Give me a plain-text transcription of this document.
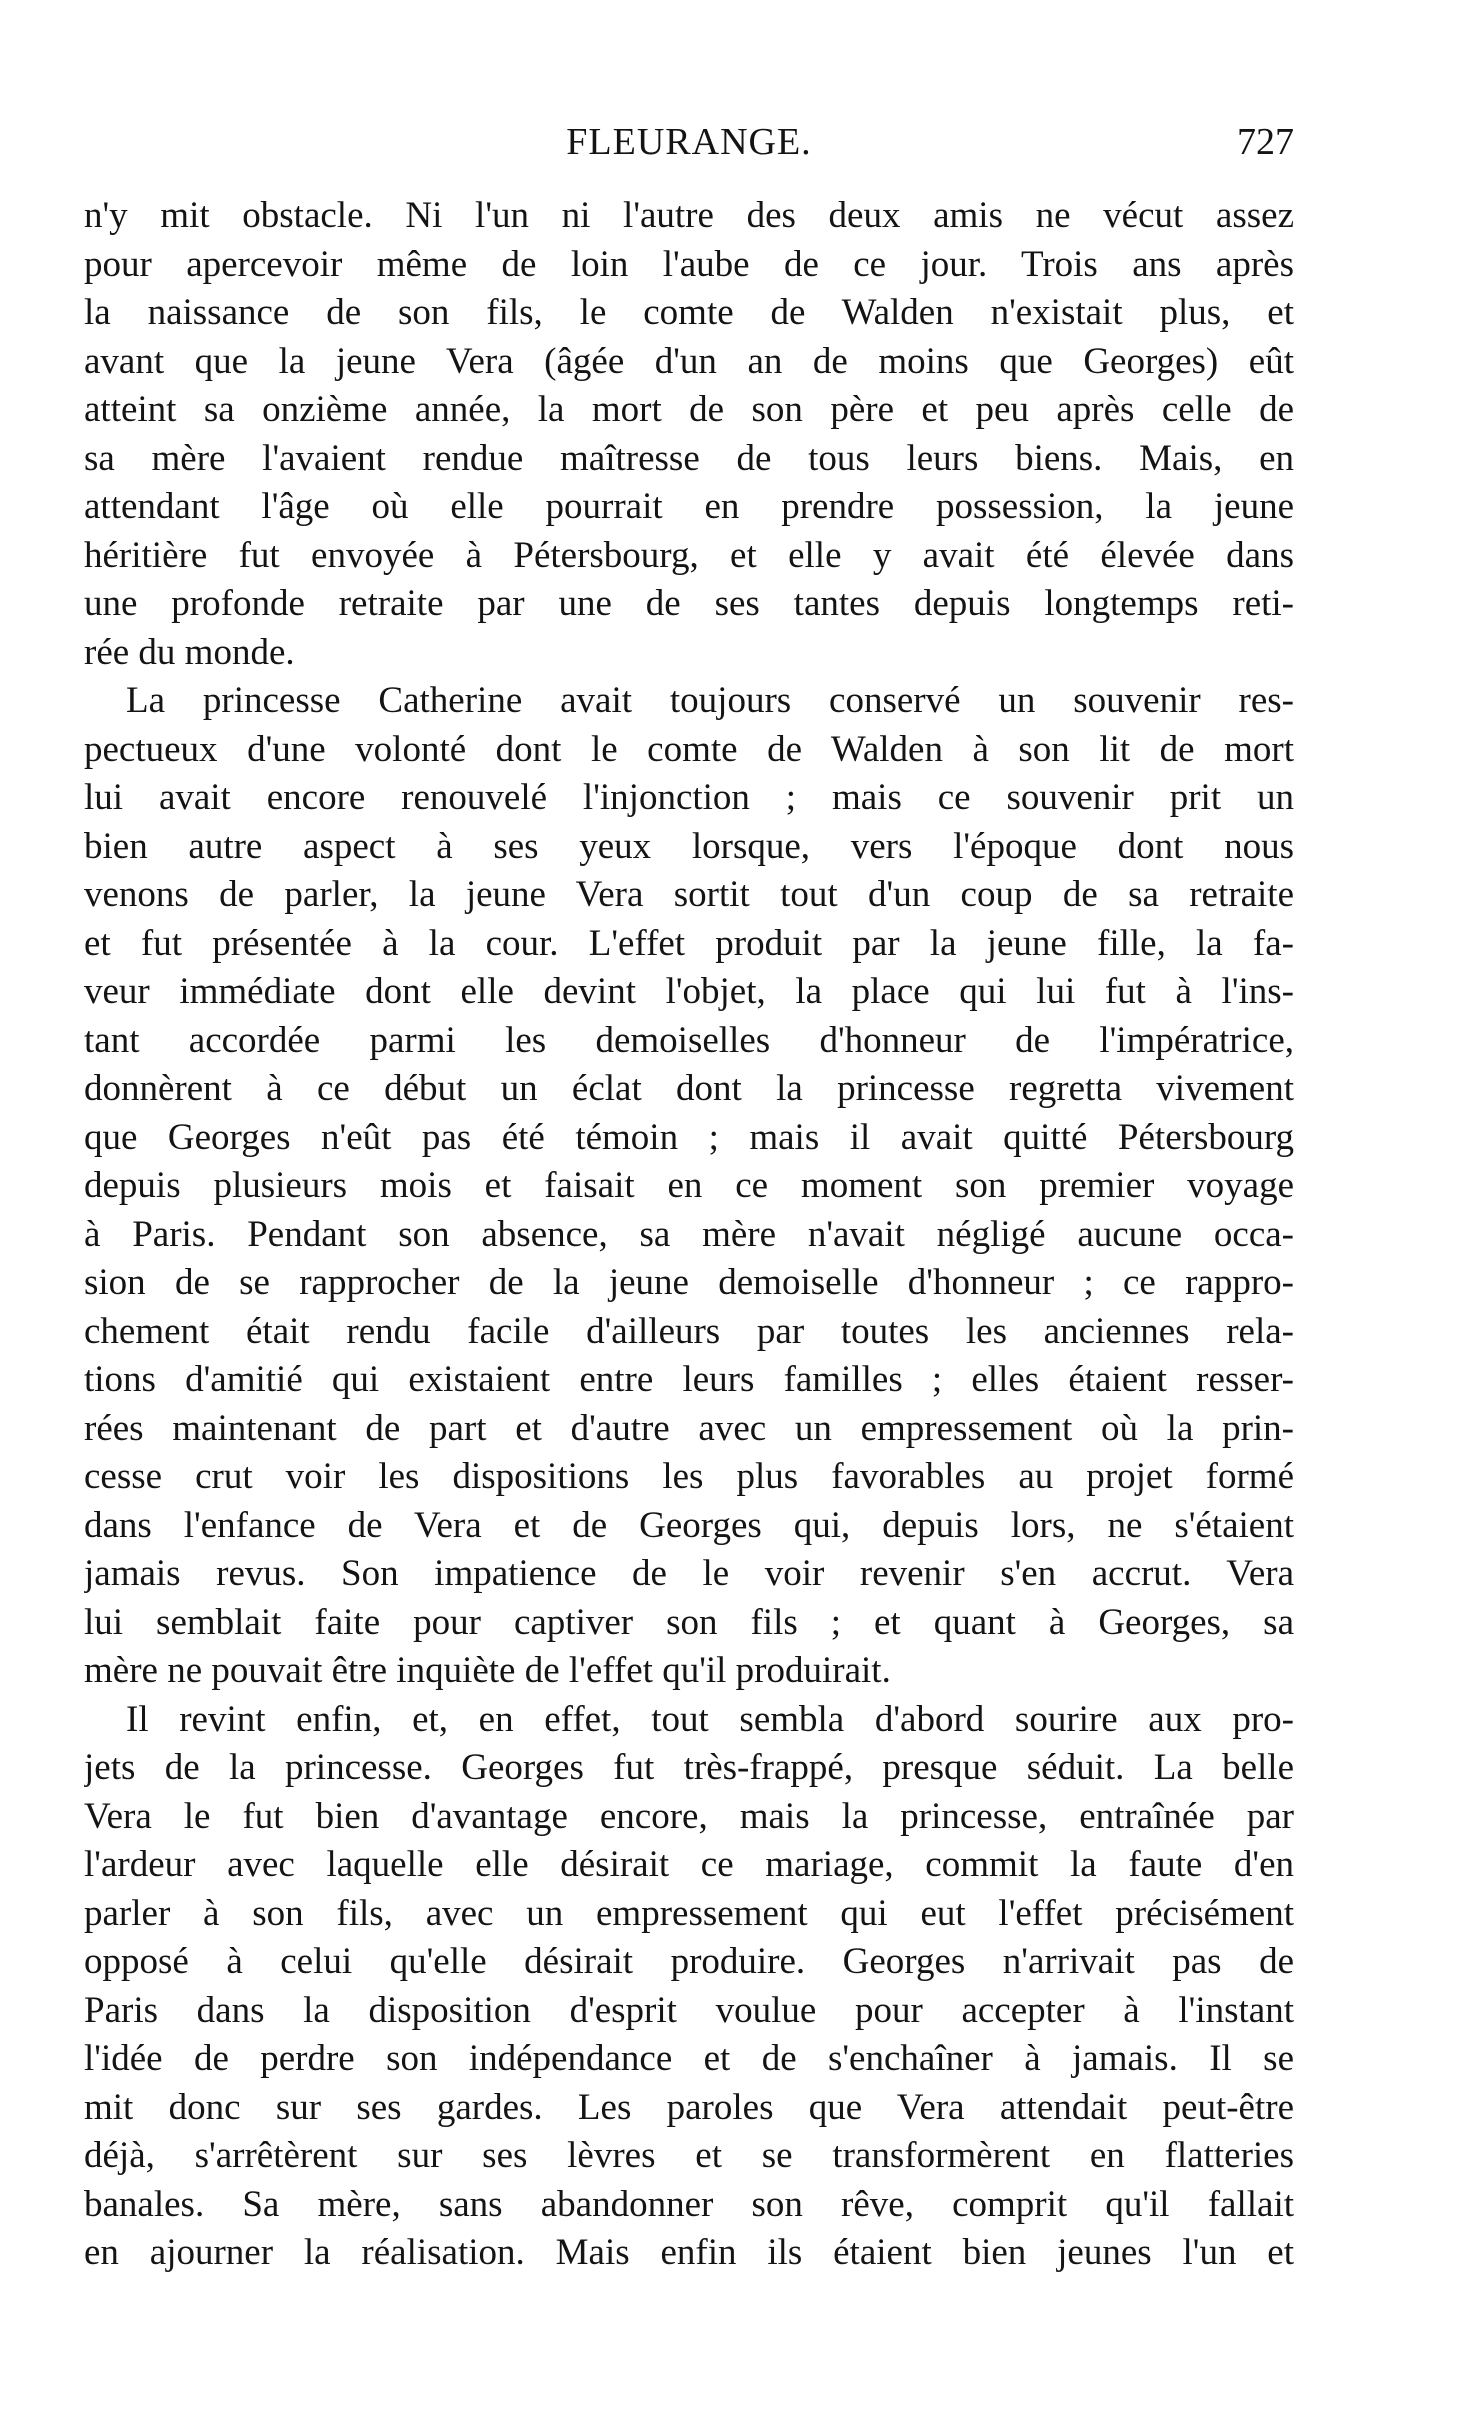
FLEURANGE.	727
n'y mit obstacle. Ni l'un ni l'autre des deux amis ne vécut assez
pour apercevoir même de loin l'aube de ce jour. Trois ans après
la naissance de son fils, le comte de Walden n'existait plus, et
avant que la jeune Vera (âgée d'un an de moins que Georges) eût
atteint sa onzième année, la mort de son père et peu après celle de
sa mère l'avaient rendue maîtresse de tous leurs biens. Mais, en
attendant l'âge où elle pourrait en prendre possession, la jeune
héritière fut envoyée à Pétersbourg, et elle y avait été élevée dans
une profonde retraite par une de ses tantes depuis longtemps reti-
rée du monde.
La princesse Catherine avait toujours conservé un souvenir res-
pectueux d'une volonté dont le comte de Walden à son lit de mort
lui avait encore renouvelé l'injonction ; mais ce souvenir prit un
bien autre aspect à ses yeux lorsque, vers l'époque dont nous
venons de parler, la jeune Vera sortit tout d'un coup de sa retraite
et fut présentée à la cour. L'effet produit par la jeune fille, la fa-
veur immédiate dont elle devint l'objet, la place qui lui fut à l'ins-
tant accordée parmi les demoiselles d'honneur de l'impératrice,
donnèrent à ce début un éclat dont la princesse regretta vivement
que Georges n'eût pas été témoin ; mais il avait quitté Pétersbourg
depuis plusieurs mois et faisait en ce moment son premier voyage
à Paris. Pendant son absence, sa mère n'avait négligé aucune occa-
sion de se rapprocher de la jeune demoiselle d'honneur ; ce rappro-
chement était rendu facile d'ailleurs par toutes les anciennes rela-
tions d'amitié qui existaient entre leurs familles ; elles étaient resser-
rées maintenant de part et d'autre avec un empressement où la prin-
cesse crut voir les dispositions les plus favorables au projet formé
dans l'enfance de Vera et de Georges qui, depuis lors, ne s'étaient
jamais revus. Son impatience de le voir revenir s'en accrut. Vera
lui semblait faite pour captiver son fils ; et quant à Georges, sa
mère ne pouvait être inquiète de l'effet qu'il produirait.
Il revint enfin, et, en effet, tout sembla d'abord sourire aux pro-
jets de la princesse. Georges fut très-frappé, presque séduit. La belle
Vera le fut bien d'avantage encore, mais la princesse, entraînée par
l'ardeur avec laquelle elle désirait ce mariage, commit la faute d'en
parler à son fils, avec un empressement qui eut l'effet précisément
opposé à celui qu'elle désirait produire. Georges n'arrivait pas de
Paris dans la disposition d'esprit voulue pour accepter à l'instant
l'idée de perdre son indépendance et de s'enchaîner à jamais. Il se
mit donc sur ses gardes. Les paroles que Vera attendait peut-être
déjà, s'arrêtèrent sur ses lèvres et se transformèrent en flatteries
banales. Sa mère, sans abandonner son rêve, comprit qu'il fallait
en ajourner la réalisation. Mais enfin ils étaient bien jeunes l'un et
